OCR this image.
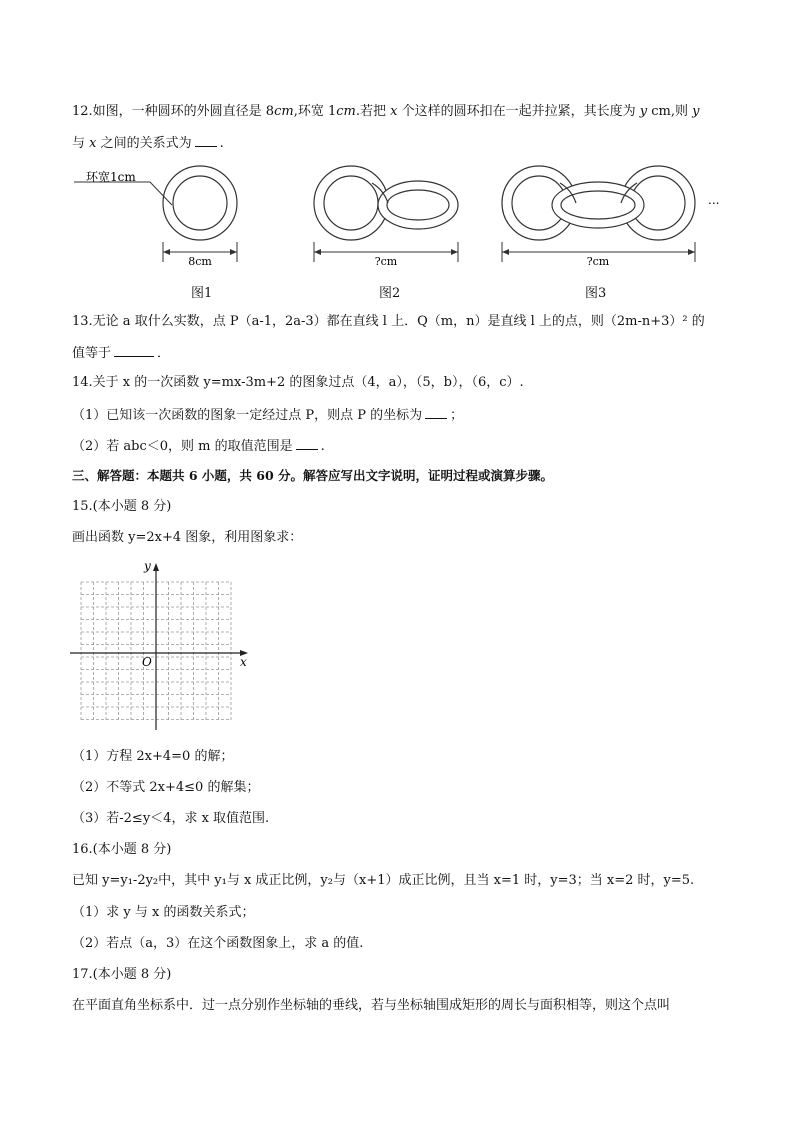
12.如图，一种圆环的外圆直径是 8cm,环宽 1cm.若把 x 个这样的圆环扣在一起并拉紧，其长度为 y cm,则 y
与 x 之间的关系式为 .
环宽1cm
8cm	?cm
...
?cm
图1	图2	图3
13.无论 a 取什么实数，点 P（a-1，2a-3）都在直线 l 上．Q（m，n）是直线 l 上的点，则（2m-n+3）² 的
值等于	．
14.关于 x 的一次函数 y=mx-3m+2 的图象过点（4，a），（5，b），（6，c）.
（1）已知该一次函数的图象一定经过点 P，则点 P 的坐标为 ；
（2）若 abc＜0，则 m 的取值范围是 .
三、解答题：本题共 6 小题，共 60 分。解答应写出文字说明，证明过程或演算步骤。
15.(本小题 8 分)
画出函数 y=2x+4 图象，利用图象求：
y
x
O
（1）方程 2x+4=0 的解；
（2）不等式 2x+4≤0 的解集；
（3）若-2≤y＜4，求 x 取值范围.
16.(本小题 8 分)
已知 y=y₁-2y₂中，其中 y₁与 x 成正比例，y₂与（x+1）成正比例，且当 x=1 时，y=3；当 x=2 时，y=5.
（1）求 y 与 x 的函数关系式；
（2）若点（a，3）在这个函数图象上，求 a 的值.
17.(本小题 8 分)
在平面直角坐标系中．过一点分别作坐标轴的垂线，若与坐标轴围成矩形的周长与面积相等，则这个点叫
